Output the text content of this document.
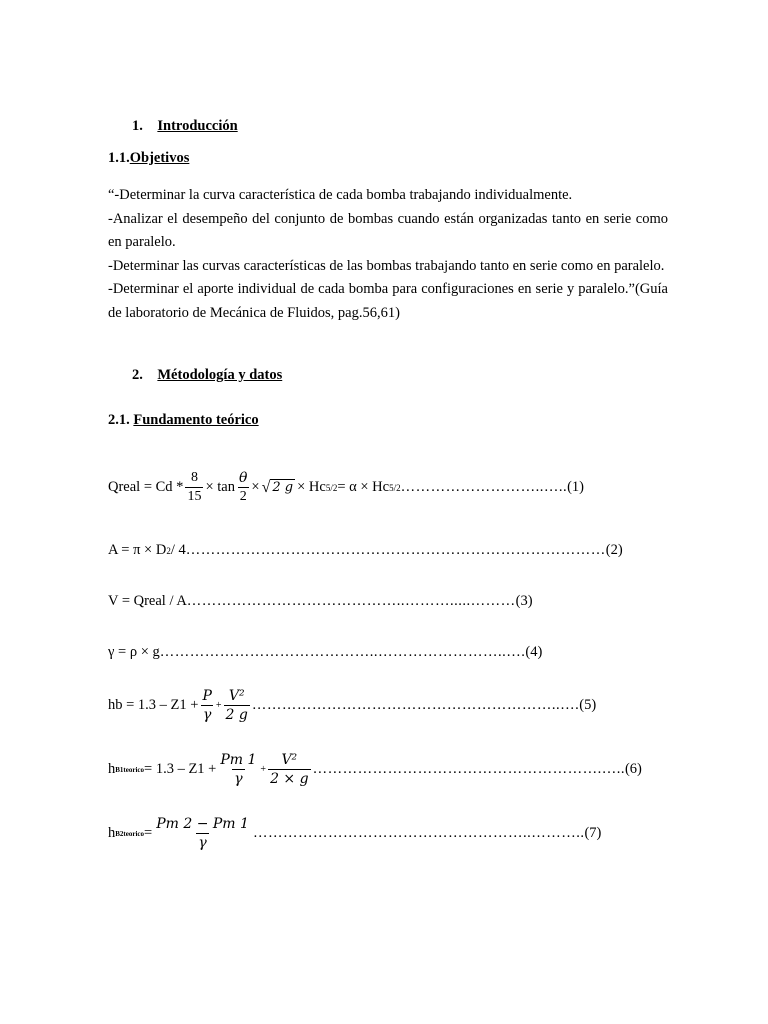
1. Introducción
1.1.Objetivos
“-Determinar la curva característica de cada bomba trabajando individualmente.
-Analizar el desempeño del conjunto de bombas cuando están organizadas tanto en serie como
en paralelo.
-Determinar las curvas características de las bombas trabajando tanto en serie como en paralelo.
-Determinar el aporte individual de cada bomba para configuraciones en serie y paralelo.”(Guía
de laboratorio de Mecánica de Fluidos, pag.56,61)
2. Métodología y datos
2.1. Fundamento teórico
Qreal = $Cd * \frac{8}{15} \times \tan \frac{\theta}{2}$ × √ 2 g × Hc 5/2 = α × Hc 5/2 ………………………..….. (1)
A = π × D 2 / 4 ………………………………………………………………………… (2)
V = Qreal / A ……………………………………..……….....……… (3)
γ = ρ × g ……………………………………..……………………..…. (4)
hb = $1.3 - Z1 + \frac{P}{\gamma} + \frac{\text{V²}}{2 g}$ ……………………………………………………..…. (5)
h B1teorico = $1.3 - Z1 + \frac{Pm 1}{\gamma} + \frac{\text{V²}}{2 \times g}$ ………………………………………………….….. (6)
h B2teorico = $\frac{Pm 2 - Pm 1}{\gamma}$ ………………………………………………..……….. (7)
